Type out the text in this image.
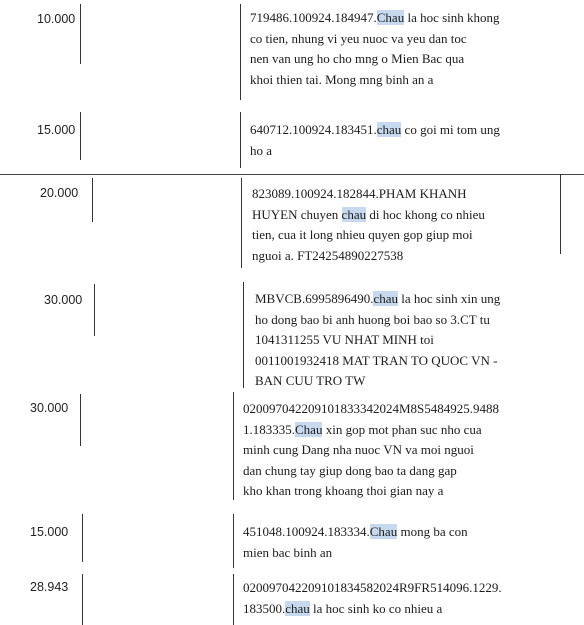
10.000	719486.100924.184947.Chau la hoc sinh khong
co tien, nhung vi yeu nuoc va yeu dan toc
nen van ung ho cho mng o Mien Bac qua
khoi thien tai. Mong mng binh an a
15.000	640712.100924.183451.chau co goi mi tom ung
ho a
20.000	823089.100924.182844.PHAM KHANH
HUYEN chuyen chau di hoc khong co nhieu
tien, cua it long nhieu quyen gop giup moi
nguoi a. FT24254890227538
30.000	MBVCB.6995896490.chau la hoc sinh xin ung
ho dong bao bi anh huong boi bao so 3.CT tu
1041311255 VU NHAT MINH toi
0011001932418 MAT TRAN TO QUOC VN -
BAN CUU TRO TW
30.000	020097042209101833342024M8S5484925.9488
1.183335.Chau xin gop mot phan suc nho cua
minh cung Dang nha nuoc VN va moi nguoi
dan chung tay giup dong bao ta dang gap
kho khan trong khoang thoi gian nay a
15.000	451048.100924.183334.Chau mong ba con
mien bac binh an
28.943	020097042209101834582024R9FR514096.1229.
183500.chau la hoc sinh ko co nhieu a
